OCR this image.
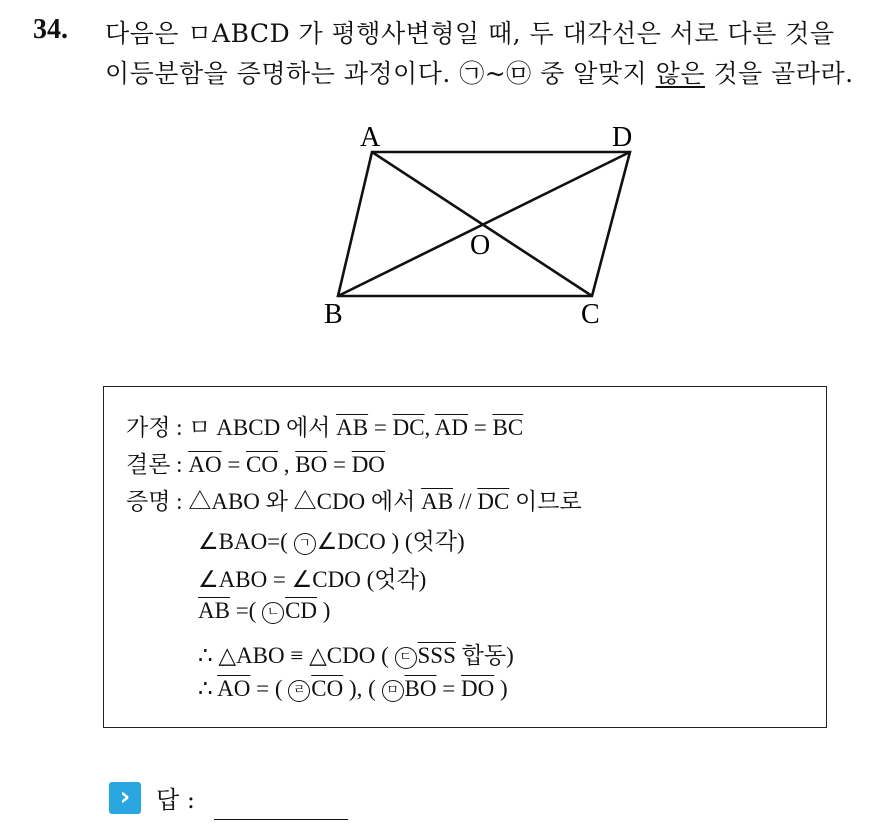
34. 다음은 ㅁABCD 가 평행사변형일 때, 두 대각선은 서로 다른 것을
이등분함을 증명하는 과정이다. ㉠~㉤ 중 알맞지 않은 것을 골라라.
A	D
B	C
O
가정 : ㅁ ABCD 에서 $\overline{AB} = \overline{DC}$, $\overline{AD} = \overline{BC}$
결론 : $\overline{AO} = \overline{CO}$ , $\overline{BO} = \overline{DO}$
증명 : △ABO 와 △CDO 에서 $\overline{AB} // \overline{DC}$ 이므로
∠BAO=( ㄱ ∠DCO ) (엇각)
∠ABO = ∠CDO (엇각)
$\overline{AB}$ =( ㄴ $\overline{CD}$ )
∴ △ABO ≡ △CDO ( ㄷ $\overline{SSS}$ 합동)
∴ $\overline{AO}$ = ( ㄹ $\overline{CO}$ ), ( ㅁ $\overline{BO} = \overline{DO}$ )
›	답 :
